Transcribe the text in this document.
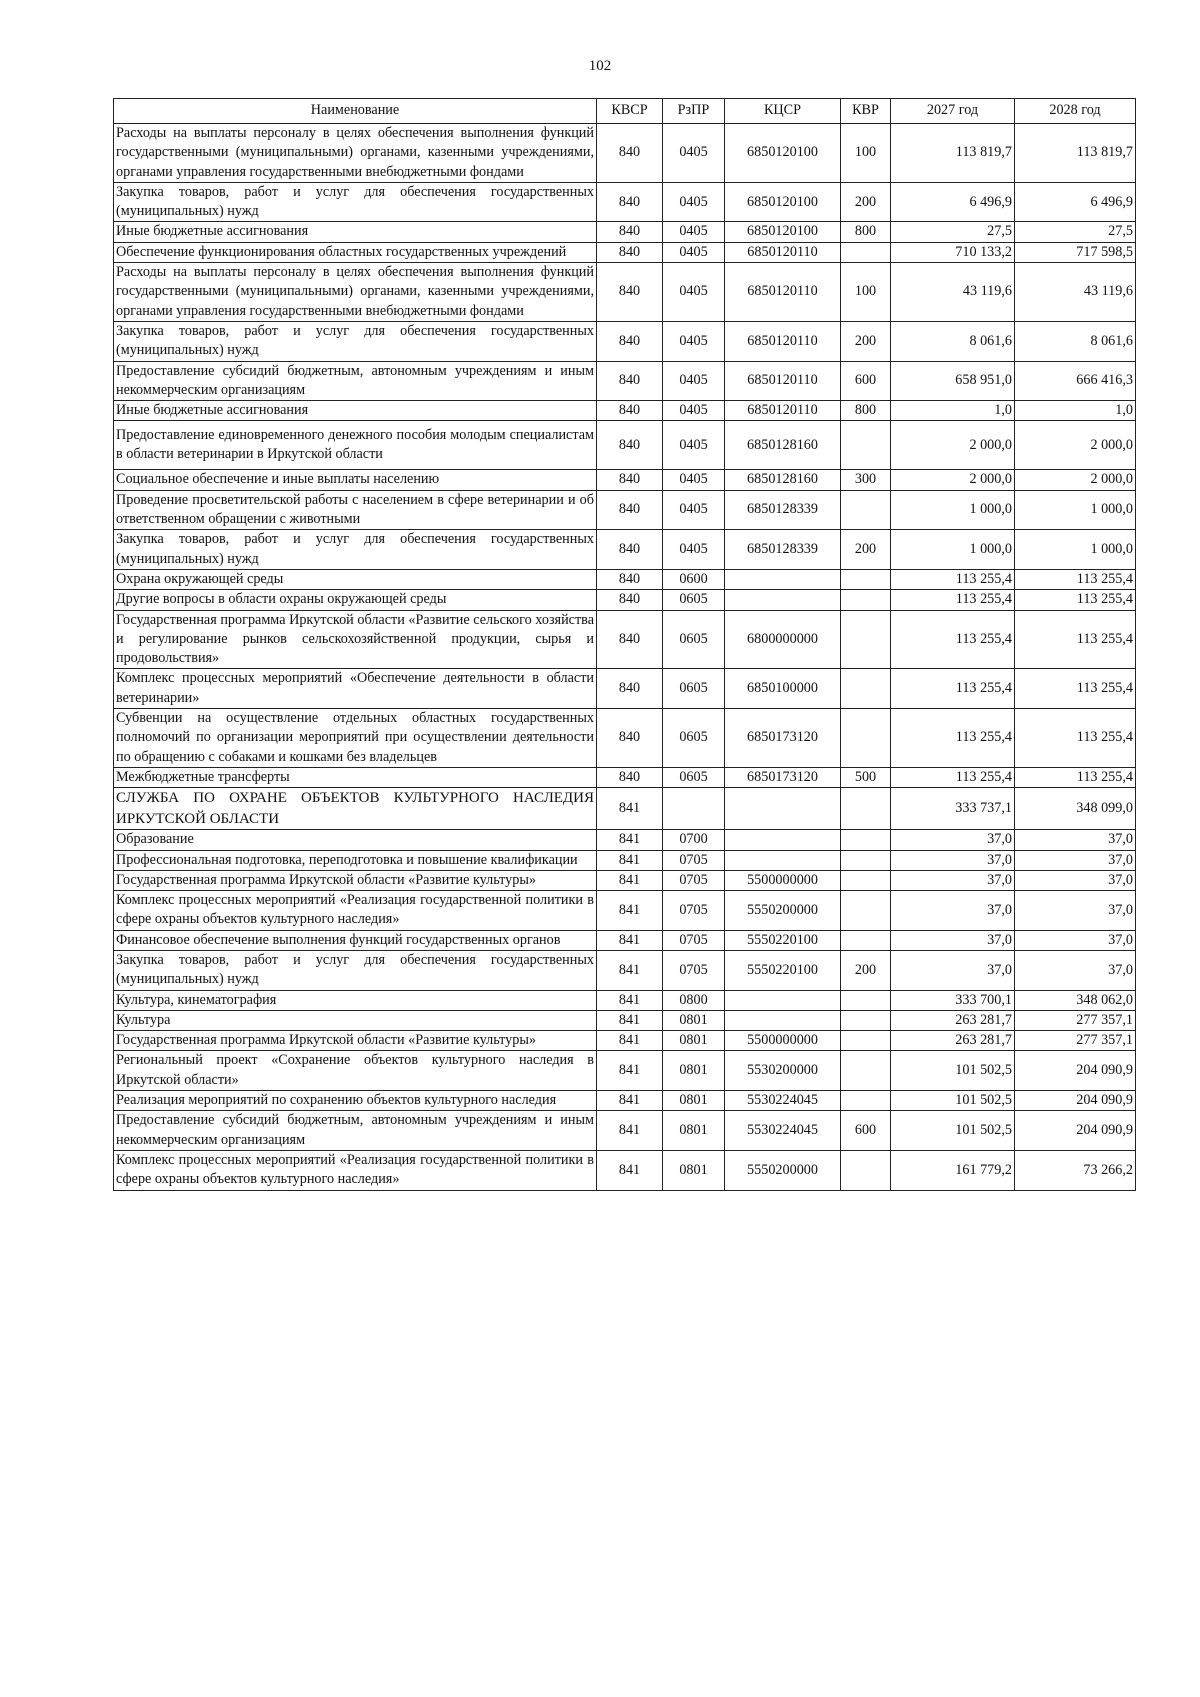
102
Наименование	КВСР	РзПР	КЦСР	КВР	2027 год	2028 год
Расходы на выплаты персоналу в целях обеспечения выполнения функций государственными (муниципальными) органами, казенными учреждениями, органами управления государственными внебюджетными фондами	840	0405	6850120100	100	113 819,7	113 819,7
Закупка товаров, работ и услуг для обеспечения государственных (муниципальных) нужд	840	0405	6850120100	200	6 496,9	6 496,9
Иные бюджетные ассигнования	840	0405	6850120100	800	27,5	27,5
Обеспечение функционирования областных государственных учреждений	840	0405	6850120110		710 133,2	717 598,5
Расходы на выплаты персоналу в целях обеспечения выполнения функций государственными (муниципальными) органами, казенными учреждениями, органами управления государственными внебюджетными фондами	840	0405	6850120110	100	43 119,6	43 119,6
Закупка товаров, работ и услуг для обеспечения государственных (муниципальных) нужд	840	0405	6850120110	200	8 061,6	8 061,6
Предоставление субсидий бюджетным, автономным учреждениям и иным некоммерческим организациям	840	0405	6850120110	600	658 951,0	666 416,3
Иные бюджетные ассигнования	840	0405	6850120110	800	1,0	1,0
Предоставление единовременного денежного пособия молодым специалистам в области ветеринарии в Иркутской области	840	0405	6850128160		2 000,0	2 000,0
Социальное обеспечение и иные выплаты населению	840	0405	6850128160	300	2 000,0	2 000,0
Проведение просветительской работы с населением в сфере ветеринарии и об ответственном обращении с животными	840	0405	6850128339		1 000,0	1 000,0
Закупка товаров, работ и услуг для обеспечения государственных (муниципальных) нужд	840	0405	6850128339	200	1 000,0	1 000,0
Охрана окружающей среды	840	0600			113 255,4	113 255,4
Другие вопросы в области охраны окружающей среды	840	0605			113 255,4	113 255,4
Государственная программа Иркутской области «Развитие сельского хозяйства и регулирование рынков сельскохозяйственной продукции, сырья и продовольствия»	840	0605	6800000000		113 255,4	113 255,4
Комплекс процессных мероприятий «Обеспечение деятельности в области ветеринарии»	840	0605	6850100000		113 255,4	113 255,4
Субвенции на осуществление отдельных областных государственных полномочий по организации мероприятий при осуществлении деятельности по обращению с собаками и кошками без владельцев	840	0605	6850173120		113 255,4	113 255,4
Межбюджетные трансферты	840	0605	6850173120	500	113 255,4	113 255,4
СЛУЖБА ПО ОХРАНЕ ОБЪЕКТОВ КУЛЬТУРНОГО НАСЛЕДИЯ ИРКУТСКОЙ ОБЛАСТИ	841				333 737,1	348 099,0
Образование	841	0700			37,0	37,0
Профессиональная подготовка, переподготовка и повышение квалификации	841	0705			37,0	37,0
Государственная программа Иркутской области «Развитие культуры»	841	0705	5500000000		37,0	37,0
Комплекс процессных мероприятий «Реализация государственной политики в сфере охраны объектов культурного наследия»	841	0705	5550200000		37,0	37,0
Финансовое обеспечение выполнения функций государственных органов	841	0705	5550220100		37,0	37,0
Закупка товаров, работ и услуг для обеспечения государственных (муниципальных) нужд	841	0705	5550220100	200	37,0	37,0
Культура, кинематография	841	0800			333 700,1	348 062,0
Культура	841	0801			263 281,7	277 357,1
Государственная программа Иркутской области «Развитие культуры»	841	0801	5500000000		263 281,7	277 357,1
Региональный проект «Сохранение объектов культурного наследия в Иркутской области»	841	0801	5530200000		101 502,5	204 090,9
Реализация мероприятий по сохранению объектов культурного наследия	841	0801	5530224045		101 502,5	204 090,9
Предоставление субсидий бюджетным, автономным учреждениям и иным некоммерческим организациям	841	0801	5530224045	600	101 502,5	204 090,9
Комплекс процессных мероприятий «Реализация государственной политики в сфере охраны объектов культурного наследия»	841	0801	5550200000		161 779,2	73 266,2
